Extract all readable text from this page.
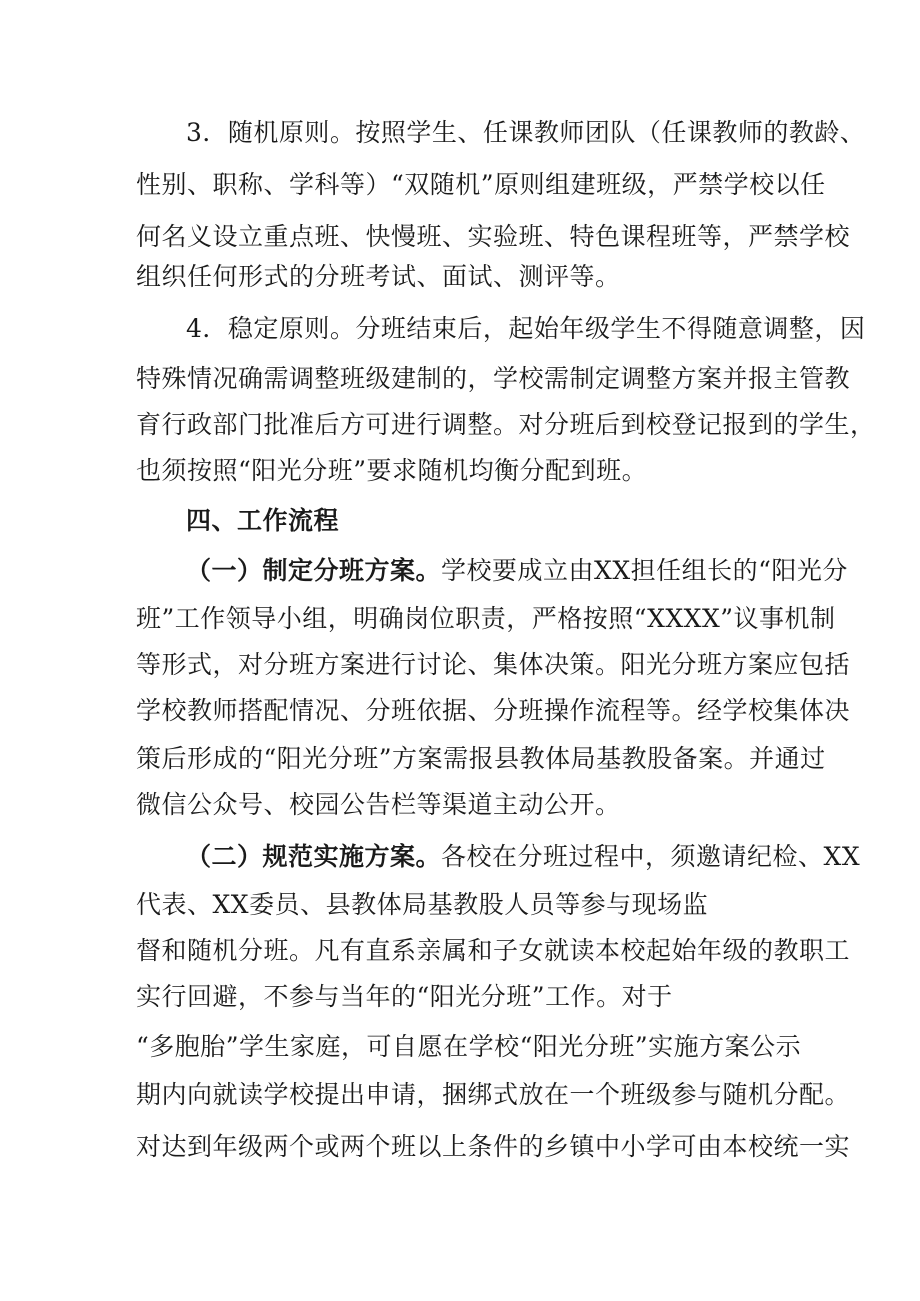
3．随机原则。按照学生、任课教师团队（任课教师的教龄、
性别、职称、学科等）“双随机”原则组建班级，严禁学校以任
何名义设立重点班、快慢班、实验班、特色课程班等，严禁学校
组织任何形式的分班考试、面试、测评等。
4．稳定原则。分班结束后，起始年级学生不得随意调整，因
特殊情况确需调整班级建制的，学校需制定调整方案并报主管教
育行政部门批准后方可进行调整。对分班后到校登记报到的学生，
也须按照“阳光分班”要求随机均衡分配到班。
四、工作流程
（一）制定分班方案。学校要成立由XX担任组长的“阳光分
班”工作领导小组，明确岗位职责，严格按照“XXXX”议事机制
等形式，对分班方案进行讨论、集体决策。阳光分班方案应包括
学校教师搭配情况、分班依据、分班操作流程等。经学校集体决
策后形成的“阳光分班”方案需报县教体局基教股备案。并通过
微信公众号、校园公告栏等渠道主动公开。
（二）规范实施方案。各校在分班过程中，须邀请纪检、XX
代表、XX委员、县教体局基教股人员等参与现场监
督和随机分班。凡有直系亲属和子女就读本校起始年级的教职工
实行回避，不参与当年的“阳光分班”工作。对于
“多胞胎”学生家庭，可自愿在学校“阳光分班”实施方案公示
期内向就读学校提出申请，捆绑式放在一个班级参与随机分配。
对达到年级两个或两个班以上条件的乡镇中小学可由本校统一实
